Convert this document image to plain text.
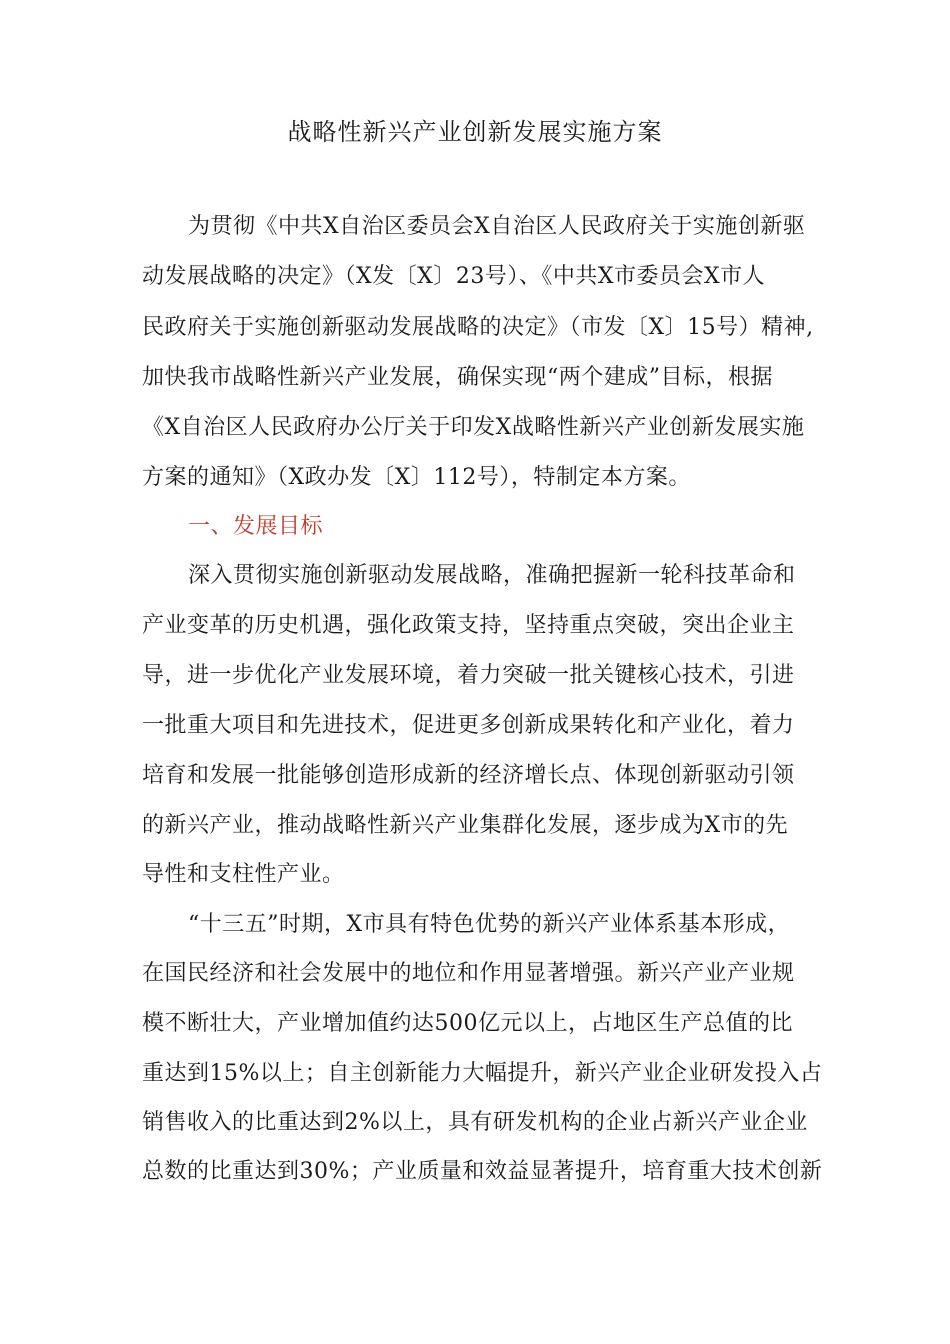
战略性新兴产业创新发展实施方案
为贯彻《中共X自治区委员会X自治区人民政府关于实施创新驱
动发展战略的决定》（X发〔X〕23号）、《中共X市委员会X市人
民政府关于实施创新驱动发展战略的决定》（市发〔X〕15号）精神,
加快我市战略性新兴产业发展，确保实现“两个建成”目标，根据
《X自治区人民政府办公厅关于印发X战略性新兴产业创新发展实施
方案的通知》（X政办发〔X〕112号），特制定本方案。
一、发展目标
深入贯彻实施创新驱动发展战略，准确把握新一轮科技革命和
产业变革的历史机遇，强化政策支持，坚持重点突破，突出企业主
导，进一步优化产业发展环境，着力突破一批关键核心技术，引进
一批重大项目和先进技术，促进更多创新成果转化和产业化，着力
培育和发展一批能够创造形成新的经济增长点、体现创新驱动引领
的新兴产业，推动战略性新兴产业集群化发展，逐步成为X市的先
导性和支柱性产业。
“十三五”时期，X市具有特色优势的新兴产业体系基本形成，
在国民经济和社会发展中的地位和作用显著增强。新兴产业产业规
模不断壮大，产业增加值约达500亿元以上，占地区生产总值的比
重达到15%以上；自主创新能力大幅提升，新兴产业企业研发投入占
销售收入的比重达到2%以上，具有研发机构的企业占新兴产业企业
总数的比重达到30%；产业质量和效益显著提升，培育重大技术创新
